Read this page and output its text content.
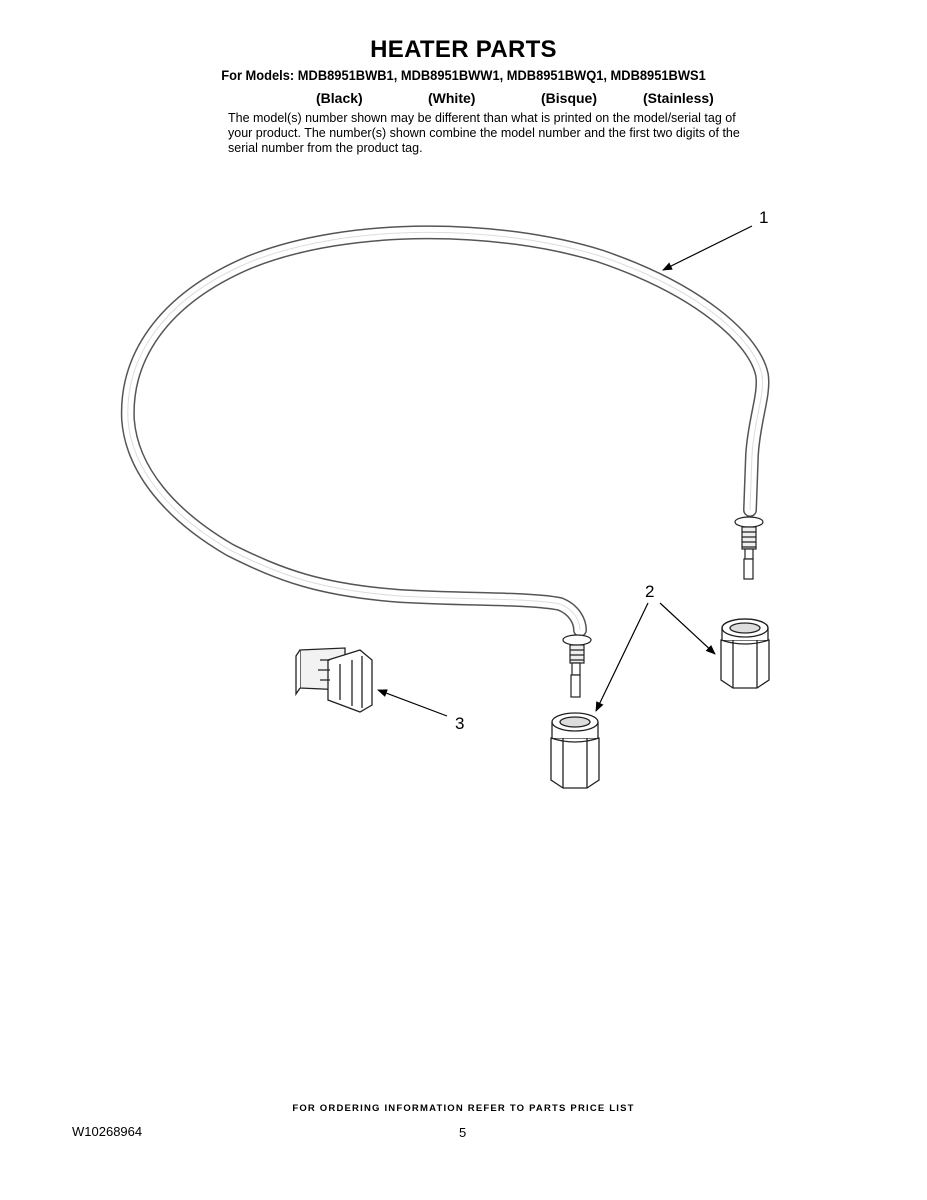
HEATER PARTS
For Models: MDB8951BWB1, MDB8951BWW1, MDB8951BWQ1, MDB8951BWS1
(Black)	(White)	(Bisque)	(Stainless)
The model(s) number shown may be different than what is printed on the model/serial tag of your product. The number(s) shown combine the model number and the first two digits of the serial number from the product tag.
1
2
3
FOR ORDERING INFORMATION REFER TO PARTS PRICE LIST
W10268964	5
